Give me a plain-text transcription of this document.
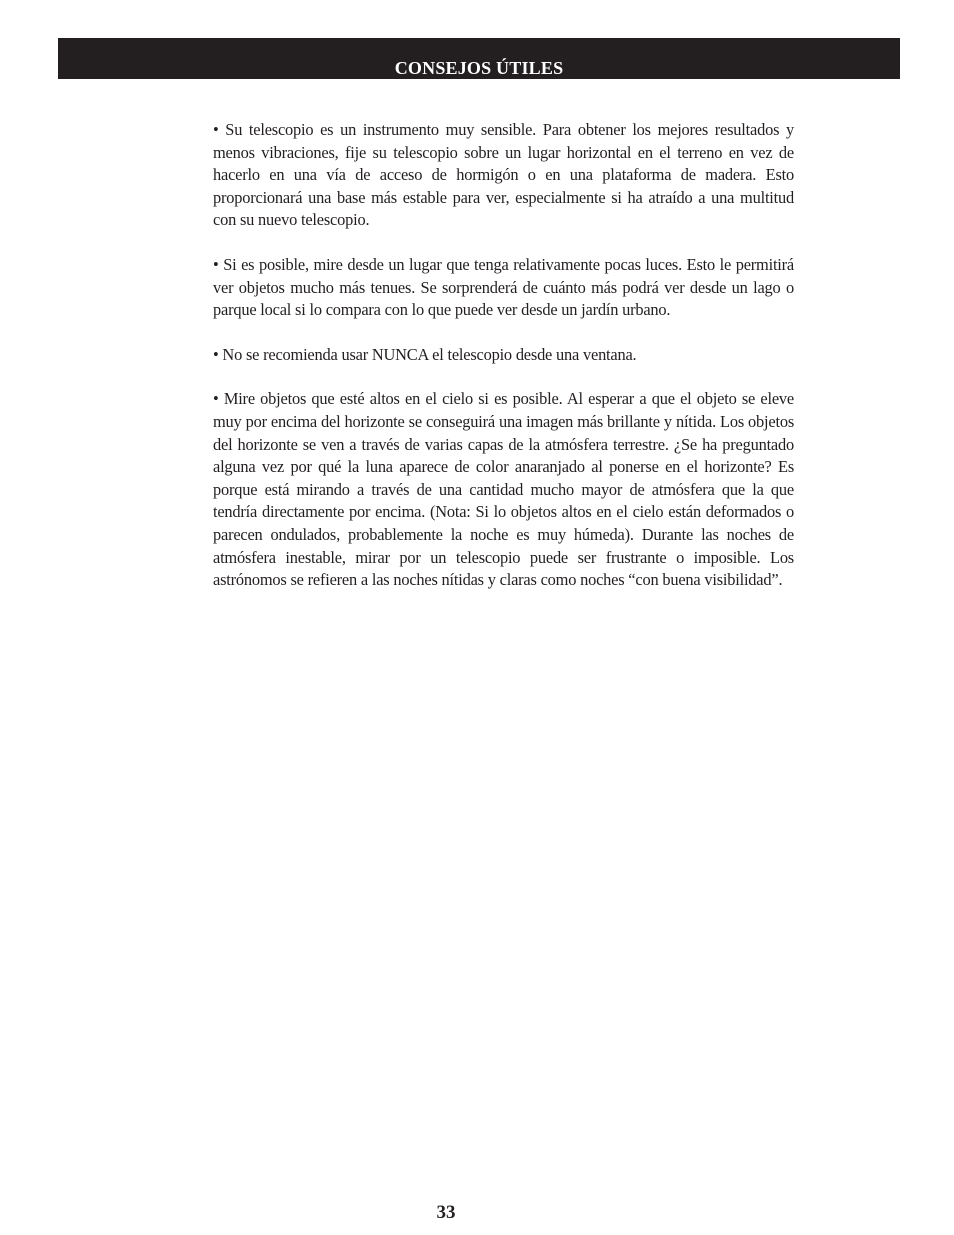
CONSEJOS ÚTILES

• Su telescopio es un instrumento muy sensible. Para obtener los mejores resultados y menos vibraciones, fije su telescopio sobre un lugar horizontal en el terreno en vez de hacerlo en una vía de acceso de hormigón o en una plataforma de madera. Esto proporcionará una base más estable para ver, especialmente si ha atraído a una multitud con su nuevo telescopio.

• Si es posible, mire desde un lugar que tenga relativamente pocas luces. Esto le permitirá ver objetos mucho más tenues. Se sorprenderá de cuánto más podrá ver desde un lago o parque local si lo compara con lo que puede ver desde un jardín urbano.

• No se recomienda usar NUNCA el telescopio desde una ventana.

• Mire objetos que esté altos en el cielo si es posible. Al esperar a que el objeto se eleve muy por encima del horizonte se conseguirá una imagen más brillante y nítida. Los objetos del horizonte se ven a través de varias capas de la atmósfera terrestre. ¿Se ha preguntado alguna vez por qué la luna aparece de color anaranjado al ponerse en el horizonte? Es porque está mirando a través de una cantidad mucho mayor de atmósfera que la que tendría directamente por encima. (Nota: Si lo objetos altos en el cielo están deformados o parecen ondulados, probablemente la noche es muy húmeda). Durante las noches de atmósfera inestable, mirar por un telescopio puede ser frustrante o imposible. Los astrónomos se refieren a las noches nítidas y claras como noches “con buena visibilidad”.

33
